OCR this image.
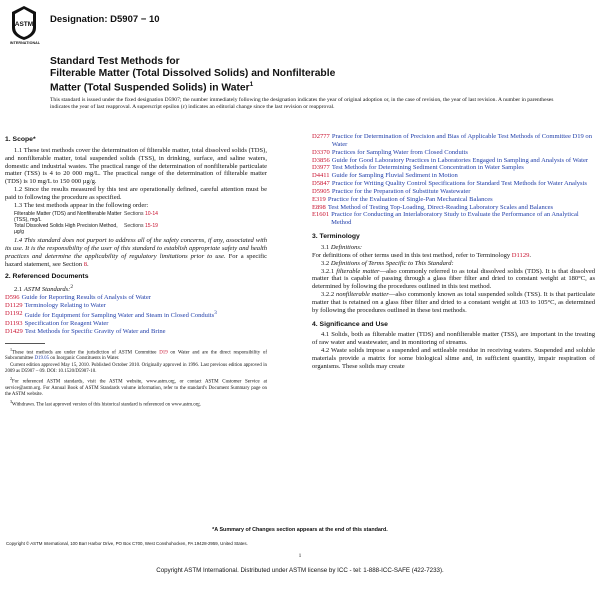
ASTM
INTERNATIONAL
Designation: D5907 − 10
Standard Test Methods for
Filterable Matter (Total Dissolved Solids) and Nonfilterable
Matter (Total Suspended Solids) in Water$^1$
This standard is issued under the fixed designation D5907; the number immediately following the designation indicates the year of original adoption or, in the case of revision, the year of last revision. A number in parentheses indicates the year of last reapproval. A superscript epsilon (ε) indicates an editorial change since the last revision or reapproval.
1. Scope*

1.1 These test methods cover the determination of filterable matter, total dissolved solids (TDS), and nonfilterable matter, total suspended solids (TSS), in drinking, surface, and saline waters, domestic and industrial wastes. The practical range of the determination of nonfilterable particulate matter (TSS) is 4 to 20 000 mg/L. The practical range of the determination of filterable matter (TDS) is 10 mg/L to 150 000 µg/g.

1.2 Since the results measured by this test are operationally defined, careful attention must be paid to following the procedure as specified.

1.3 The test methods appear in the following order:

Filterable Matter (TDS) and Nonfilterable Matter (TSS), mg/L
Sections 10-14
Total Dissolved Solids High Precision Method, µg/g
Sections 15-19

1.4 This standard does not purport to address all of the safety concerns, if any, associated with its use. It is the responsibility of the user of this standard to establish appropriate safety and health practices and determine the applicability of regulatory limitations prior to use. For a specific hazard statement, see Section 8.

2. Referenced Documents

2.1 ASTM Standards:$^2$

D596 Guide for Reporting Results of Analysis of Water
D1129 Terminology Relating to Water
D1192 Guide for Equipment for Sampling Water and Steam in Closed Conduits$^3$
D1193 Specification for Reagent Water
D1429 Test Methods for Specific Gravity of Water and Brine

$^1$These test methods are under the jurisdiction of ASTM Committee D19 on Water and are the direct responsibility of Subcommittee D19.05 on Inorganic Constituents in Water.

Current edition approved May 15, 2010. Published October 2010. Originally approved in 1996. Last previous edition approved in 2009 as D5907 – 09. DOI: 10.1520/D5907-10.

$^2$For referenced ASTM standards, visit the ASTM website, www.astm.org, or contact ASTM Customer Service at service@astm.org. For Annual Book of ASTM Standards volume information, refer to the standard's Document Summary page on the ASTM website.

$^3$Withdrawn. The last approved version of this historical standard is referenced on www.astm.org.

D2777 Practice for Determination of Precision and Bias of Applicable Test Methods of Committee D19 on Water
D3370 Practices for Sampling Water from Closed Conduits
D3856 Guide for Good Laboratory Practices in Laboratories Engaged in Sampling and Analysis of Water
D3977 Test Methods for Determining Sediment Concentration in Water Samples
D4411 Guide for Sampling Fluvial Sediment in Motion
D5847 Practice for Writing Quality Control Specifications for Standard Test Methods for Water Analysis
D5905 Practice for the Preparation of Substitute Wastewater
E319 Practice for the Evaluation of Single-Pan Mechanical Balances
E898 Test Method of Testing Top-Loading, Direct-Reading Laboratory Scales and Balances
E1601 Practice for Conducting an Interlaboratory Study to Evaluate the Performance of an Analytical Method
3. Terminology

3.1 Definitions:

For definitions of other terms used in this test method, refer to Terminology D1129.

3.2 Definitions of Terms Specific to This Standard:

3.2.1 filterable matter—also commonly referred to as total dissolved solids (TDS). It is that dissolved matter that is capable of passing through a glass fiber filter and dried to constant weight at 180°C, as determined by following the procedures outlined in this test method.

3.2.2 nonfilterable matter—also commonly known as total suspended solids (TSS). It is that particulate matter that is retained on a glass fiber filter and dried to a constant weight at 103 to 105°C, as determined by following the procedures outlined in these test methods.

4. Significance and Use

4.1 Solids, both as filterable matter (TDS) and nonfilterable matter (TSS), are important in the treating of raw water and wastewater, and in monitoring of streams.

4.2 Waste solids impose a suspended and settleable residue in receiving waters. Suspended and soluble materials provide a matrix for some biological slime and, in sufficient quantity, impair respiration of organisms. These solids may create

*A Summary of Changes section appears at the end of this standard.
Copyright © ASTM International, 100 Barr Harbor Drive, PO Box C700, West Conshohocken, PA 19428-2959, United States.
1
Copyright ASTM International. Distributed under ASTM license by ICC - tel: 1-888-ICC-SAFE (422-7233).
